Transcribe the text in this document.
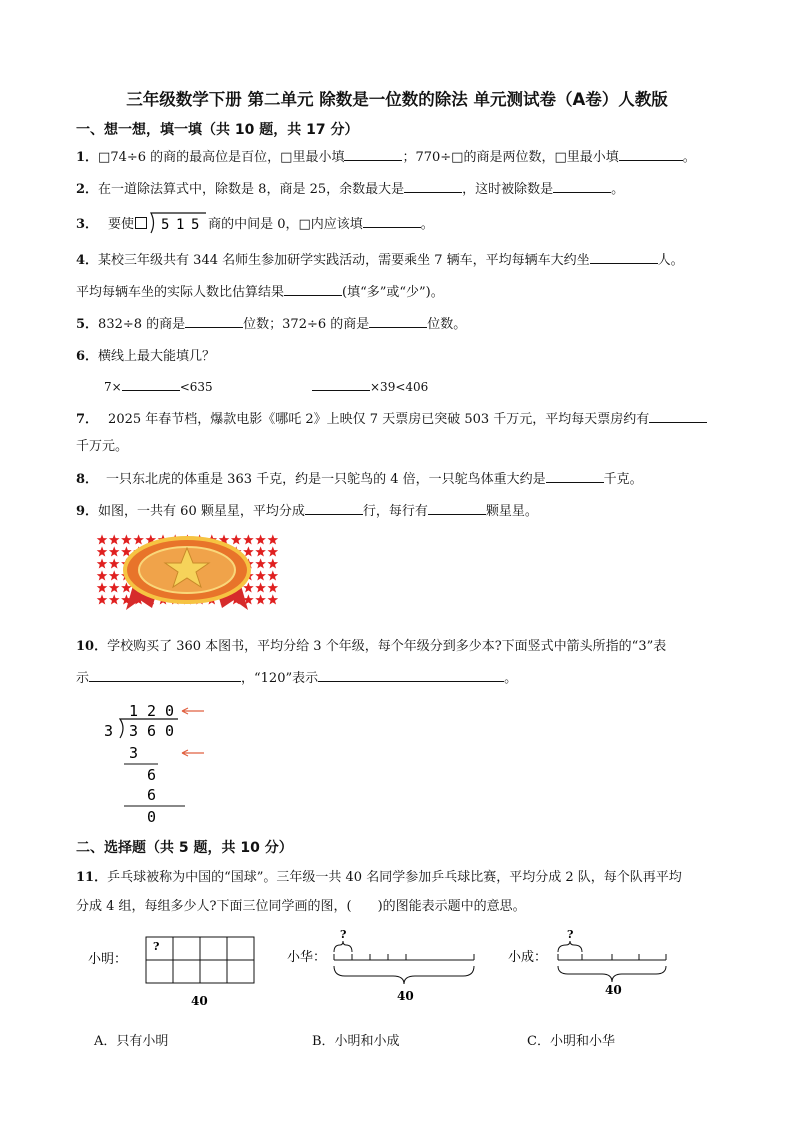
三年级数学下册 第二单元 除数是一位数的除法 单元测试卷（A卷）人教版
一、想一想，填一填（共 10 题，共 17 分）
1．□74÷6 的商的最高位是百位，□里最小填	；770÷□的商是两位数，□里最小填	。
2．在一道除法算式中，除数是 8，商是 25，余数最大是	，这时被除数是	。
3． 要使 5 1 5 商的中间是 0，□内应该填	。
4．某校三年级共有 344 名师生参加研学实践活动，需要乘坐 7 辆车，平均每辆车大约坐	人。
平均每辆车坐的实际人数比估算结果	(填“多”或“少”)。
5．832÷8 的商是	位数；372÷6 的商是	位数。
6．横线上最大能填几？
7×	<635	×39<406
7． 2025 年春节档，爆款电影《哪吒 2》上映仅 7 天票房已突破 503 千万元，平均每天票房约有
千万元。
8． 一只东北虎的体重是 363 千克，约是一只鸵鸟的 4 倍，一只鸵鸟体重大约是	千克。
9．如图，一共有 60 颗星星，平均分成	行，每行有	颗星星。
10．学校购买了 360 本图书，平均分给 3 个年级，每个年级分到多少本?下面竖式中箭头所指的“3”表
示	，“120”表示	。
1 2 0
3 3 6 0
3
6
6
0
二、选择题（共 5 题，共 10 分）
11．乒乓球被称为中国的“国球”。三年级一共 40 名同学参加乒乓球比赛，平均分成 2 队，每个队再平均
分成 4 组，每组多少人?下面三位同学画的图，(　　)的图能表示题中的意思。
小明：
?
40
小华：
?
40
小成：
?
40
A．只有小明	B．小明和小成	C．小明和小华
